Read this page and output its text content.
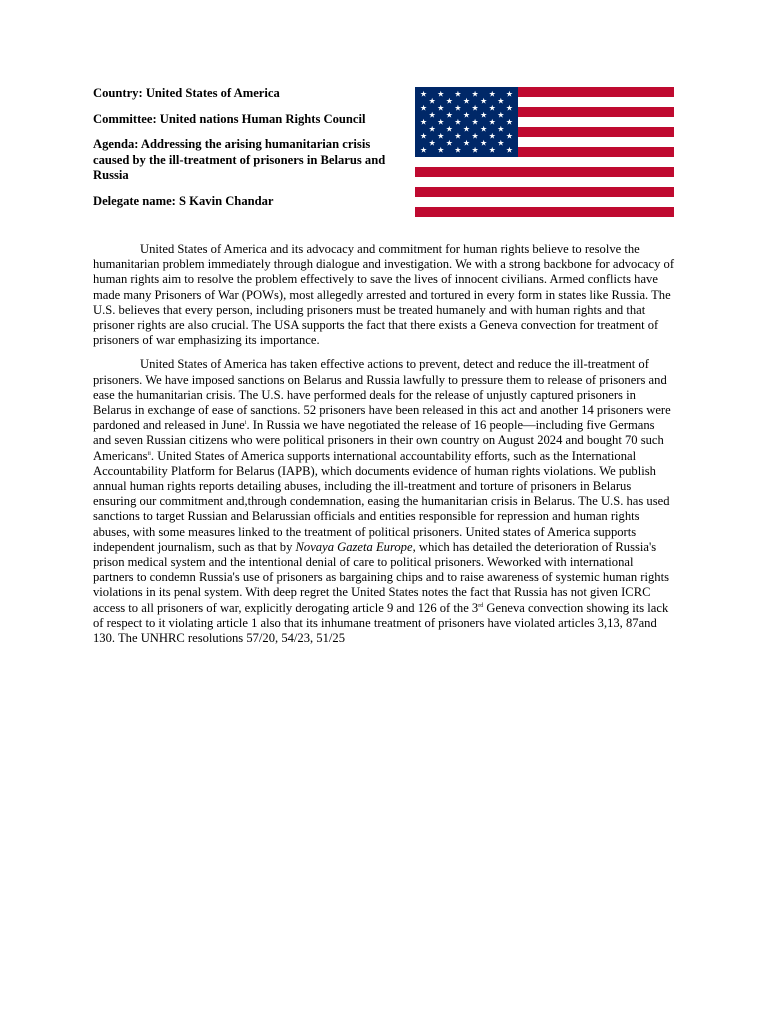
Country: United States of America
Committee: United nations Human Rights Council
Agenda: Addressing the arising humanitarian crisis caused by the ill-treatment of prisoners in Belarus and Russia
Delegate name: S Kavin Chandar

United States of America and its advocacy and commitment for human rights believe to resolve the humanitarian problem immediately through dialogue and investigation. We with a strong backbone for advocacy of human rights aim to resolve the problem effectively to save the lives of innocent civilians. Armed conflicts have made many Prisoners of War (POWs), most allegedly arrested and tortured in every form in states like Russia. The U.S. believes that every person, including prisoners must be treated humanely and with human rights and that prisoner rights are also crucial. The USA supports the fact that there exists a Geneva convection for treatment of prisoners of war emphasizing its importance.

United States of America has taken effective actions to prevent, detect and reduce the ill-treatment of prisoners. We have imposed sanctions on Belarus and Russia lawfully to pressure them to release of prisoners and ease the humanitarian crisis. The U.S. have performed deals for the release of unjustly captured prisoners in Belarus in exchange of ease of sanctions. 52 prisoners have been released in this act and another 14 prisoners were pardoned and released in June$^i$. In Russia we have negotiated the release of 16 people—including five Germans and seven Russian citizens who were political prisoners in their own country on August 2024 and bought 70 such Americans$^{ii}$. United States of America supports international accountability efforts, such as the International Accountability Platform for Belarus (IAPB), which documents evidence of human rights violations. We publish annual human rights reports detailing abuses, including the ill-treatment and torture of prisoners in Belarus ensuring our commitment and,through condemnation, easing the humanitarian crisis in Belarus. The U.S. has used sanctions to target Russian and Belarussian officials and entities responsible for repression and human rights abuses, with some measures linked to the treatment of political prisoners. United states of America supports independent journalism, such as that by Novaya Gazeta Europe, which has detailed the deterioration of Russia's prison medical system and the intentional denial of care to political prisoners. Weworked with international partners to condemn Russia's use of prisoners as bargaining chips and to raise awareness of systemic human rights violations in its penal system. With deep regret the United States notes the fact that Russia has not given ICRC access to all prisoners of war, explicitly derogating article 9 and 126 of the 3rd Geneva convection showing its lack of respect to it violating article 1 also that its inhumane treatment of prisoners have violated articles 3,13, 87and 130. The UNHRC resolutions 57/20, 54/23, 51/25
